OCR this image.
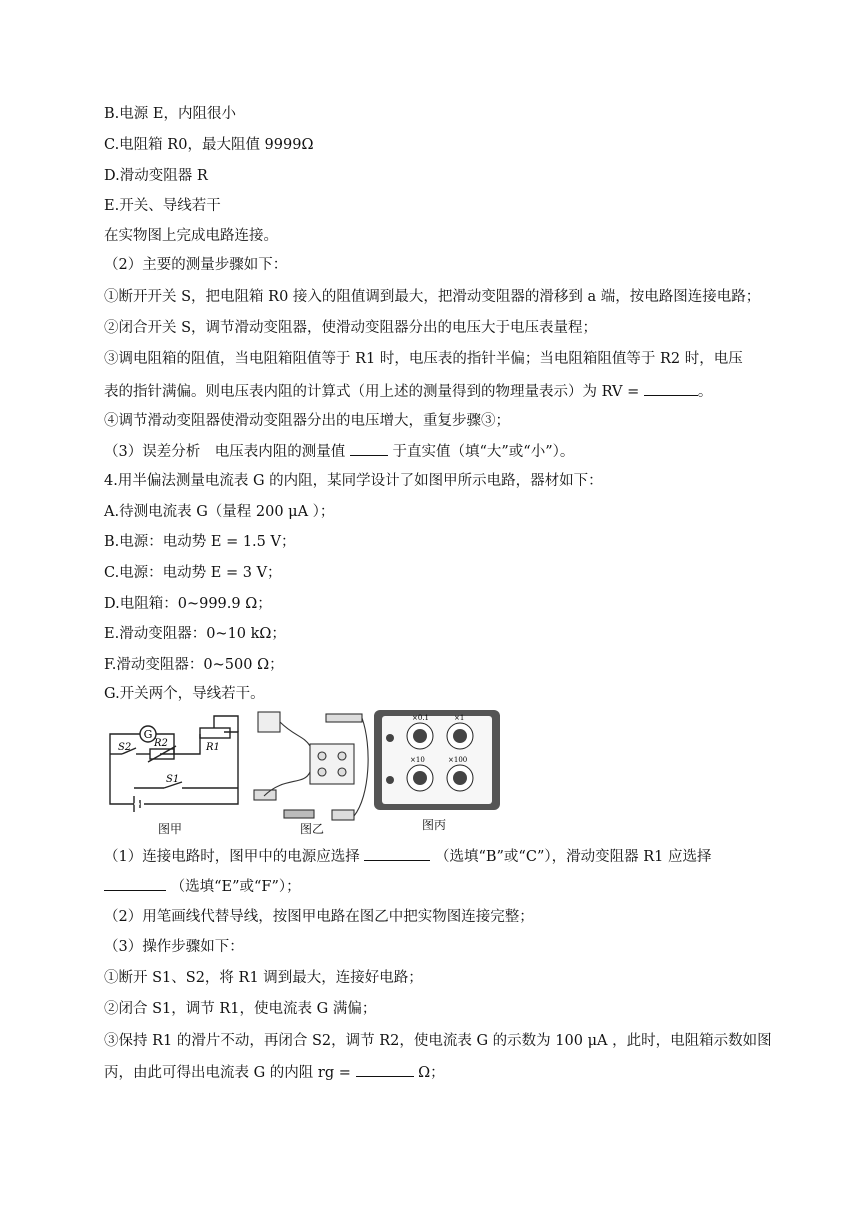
B.电源 E，内阻很小
C.电阻箱 R0，最大阻值 9999Ω
D.滑动变阻器 R
E.开关、导线若干
在实物图上完成电路连接。
（2）主要的测量步骤如下：
①断开开关 S，把电阻箱 R0 接入的阻值调到最大，把滑动变阻器的滑移到 a 端，按电路图连接电路；
②闭合开关 S，调节滑动变阻器，使滑动变阻器分出的电压大于电压表量程；
③调电阻箱的阻值，当电阻箱阻值等于 R1 时，电压表的指针半偏；当电阻箱阻值等于 R2 时，电压
表的指针满偏。则电压表内阻的计算式（用上述的测量得到的物理量表示）为 RV =	。
④调节滑动变阻器使滑动变阻器分出的电压增大，重复步骤③；
（3）误差分析　电压表内阻的测量值	于直实值（填“大”或“小”）。
4.用半偏法测量电流表 G 的内阻，某同学设计了如图甲所示电路，器材如下：
A.待测电流表 G（量程 200 μA ）；
B.电源：电动势 E = 1.5 V；
C.电源：电动势 E = 3 V；
D.电阻箱：0~999.9 Ω；
E.滑动变阻器：0~10 kΩ；
F.滑动变阻器：0~500 Ω；
G.开关两个，导线若干。
G
S2 R2	R1
S1
×0.1	×1
×10	×100
图甲	图乙	图丙
（1）连接电路时，图甲中的电源应选择	（选填“B”或“C”），滑动变阻器 R1 应选择
（选填“E”或“F”）；
（2）用笔画线代替导线，按图甲电路在图乙中把实物图连接完整；
（3）操作步骤如下：
①断开 S1、S2，将 R1 调到最大，连接好电路；
②闭合 S1，调节 R1，使电流表 G 满偏；
③保持 R1 的滑片不动，再闭合 S2，调节 R2，使电流表 G 的示数为 100 μA ，此时，电阻箱示数如图
丙，由此可得出电流表 G 的内阻 rg =	Ω；
